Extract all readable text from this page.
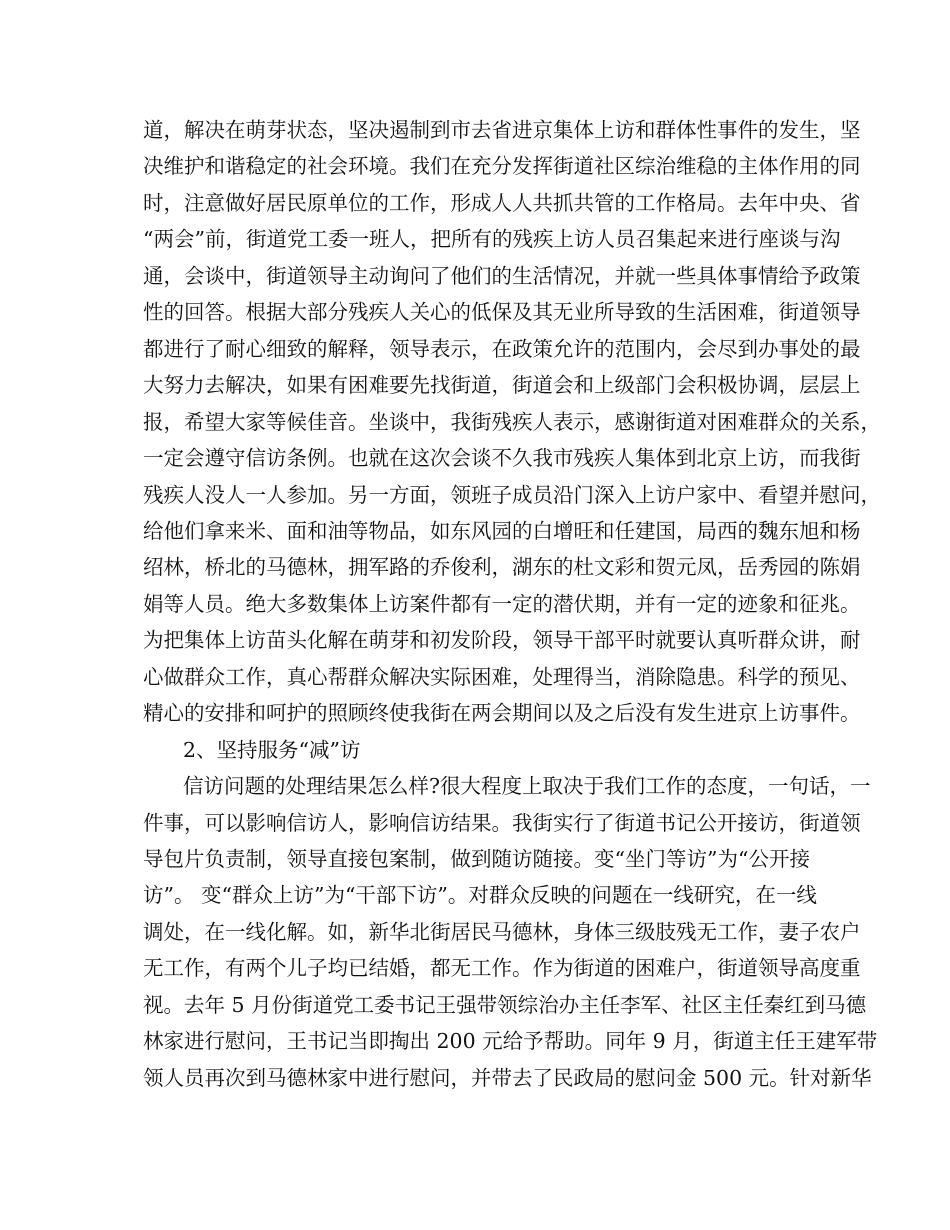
道，解决在萌芽状态，坚决遏制到市去省进京集体上访和群体性事件的发生，坚
决维护和谐稳定的社会环境。我们在充分发挥街道社区综治维稳的主体作用的同
时，注意做好居民原单位的工作，形成人人共抓共管的工作格局。去年中央、省
“两会”前，街道党工委一班人，把所有的残疾上访人员召集起来进行座谈与沟
通，会谈中，街道领导主动询问了他们的生活情况，并就一些具体事情给予政策
性的回答。根据大部分残疾人关心的低保及其无业所导致的生活困难，街道领导
都进行了耐心细致的解释，领导表示，在政策允许的范围内，会尽到办事处的最
大努力去解决，如果有困难要先找街道，街道会和上级部门会积极协调，层层上
报，希望大家等候佳音。坐谈中，我街残疾人表示，感谢街道对困难群众的关系，
一定会遵守信访条例。也就在这次会谈不久我市残疾人集体到北京上访，而我街
残疾人没人一人参加。另一方面，领班子成员沿门深入上访户家中、看望并慰问，
给他们拿来米、面和油等物品，如东风园的白增旺和任建国，局西的魏东旭和杨
绍林，桥北的马德林，拥军路的乔俊利，湖东的杜文彩和贺元凤，岳秀园的陈娟
娟等人员。绝大多数集体上访案件都有一定的潜伏期，并有一定的迹象和征兆。
为把集体上访苗头化解在萌芽和初发阶段，领导干部平时就要认真听群众讲，耐
心做群众工作，真心帮群众解决实际困难，处理得当，消除隐患。科学的预见、
精心的安排和呵护的照顾终使我街在两会期间以及之后没有发生进京上访事件。
2、坚持服务“减”访
信访问题的处理结果怎么样?很大程度上取决于我们工作的态度，一句话，一
件事，可以影响信访人，影响信访结果。我街实行了街道书记公开接访，街道领
导包片负责制，领导直接包案制，做到随访随接。变“坐门等访”为“公开接
访”。 变“群众上访”为“干部下访”。对群众反映的问题在一线研究，在一线
调处，在一线化解。如，新华北街居民马德林，身体三级肢残无工作，妻子农户
无工作，有两个儿子均已结婚，都无工作。作为街道的困难户，街道领导高度重
视。去年 5 月份街道党工委书记王强带领综治办主任李军、社区主任秦红到马德
林家进行慰问，王书记当即掏出 200 元给予帮助。同年 9 月，街道主任王建军带
领人员再次到马德林家中进行慰问，并带去了民政局的慰问金 500 元。针对新华
